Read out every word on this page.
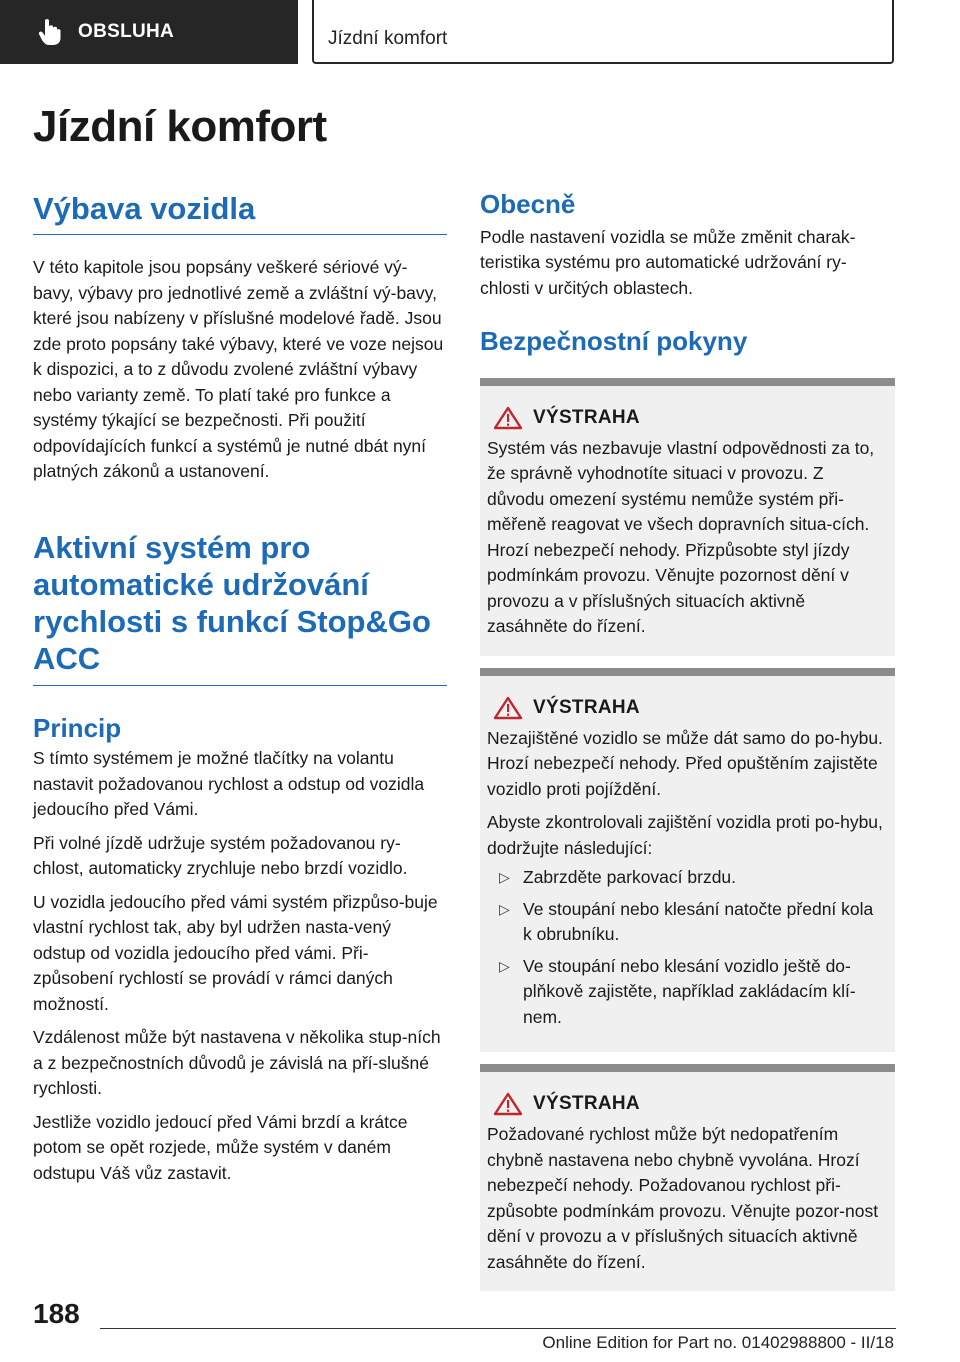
OBSLUHA	Jízdní komfort
Jízdní komfort
Výbava vozidla

V této kapitole jsou popsány veškeré sériové vý-bavy, výbavy pro jednotlivé země a zvláštní vý-bavy, které jsou nabízeny v příslušné modelové řadě. Jsou zde proto popsány také výbavy, které ve voze nejsou k dispozici, a to z důvodu zvolené zvláštní výbavy nebo varianty země. To platí také pro funkce a systémy týkající se bezpečnosti. Při použití odpovídajících funkcí a systémů je nutné dbát nyní platných zákonů a ustanovení.

Aktivní systém pro automatické udržování rychlosti s funkcí Stop&Go ACC
Princip

S tímto systémem je možné tlačítky na volantu nastavit požadovanou rychlost a odstup od vozidla jedoucího před Vámi.

Při volné jízdě udržuje systém požadovanou ry-chlost, automaticky zrychluje nebo brzdí vozidlo.

U vozidla jedoucího před vámi systém přizpůso-buje vlastní rychlost tak, aby byl udržen nasta-vený odstup od vozidla jedoucího před vámi. Při-způsobení rychlostí se provádí v rámci daných možností.

Vzdálenost může být nastavena v několika stup-ních a z bezpečnostních důvodů je závislá na pří-slušné rychlosti.

Jestliže vozidlo jedoucí před Vámi brzdí a krátce potom se opět rozjede, může systém v daném odstupu Váš vůz zastavit.

Obecně

Podle nastavení vozidla se může změnit charak-teristika systému pro automatické udržování ry-chlosti v určitých oblastech.

Bezpečnostní pokyny
VÝSTRAHA

Systém vás nezbavuje vlastní odpovědnosti za to, že správně vyhodnotíte situaci v provozu. Z důvodu omezení systému nemůže systém při-měřeně reagovat ve všech dopravních situa-cích. Hrozí nebezpečí nehody. Přizpůsobte styl jízdy podmínkám provozu. Věnujte pozornost dění v provozu a v příslušných situacích aktivně zasáhněte do řízení.

VÝSTRAHA

Nezajištěné vozidlo se může dát samo do po-hybu. Hrozí nebezpečí nehody. Před opuštěním zajistěte vozidlo proti pojíždění.

Abyste zkontrolovali zajištění vozidla proti po-hybu, dodržujte následující:

▷ Zabrzděte parkovací brzdu.
▷ Ve stoupání nebo klesání natočte přední kola k obrubníku.
▷ Ve stoupání nebo klesání vozidlo ještě do-plňkově zajistěte, například zakládacím klí-nem.
VÝSTRAHA

Požadované rychlost může být nedopatřením chybně nastavena nebo chybně vyvolána. Hrozí nebezpečí nehody. Požadovanou rychlost při-způsobte podmínkám provozu. Věnujte pozor-nost dění v provozu a v příslušných situacích aktivně zasáhněte do řízení.

188
Online Edition for Part no. 01402988800 - II/18
